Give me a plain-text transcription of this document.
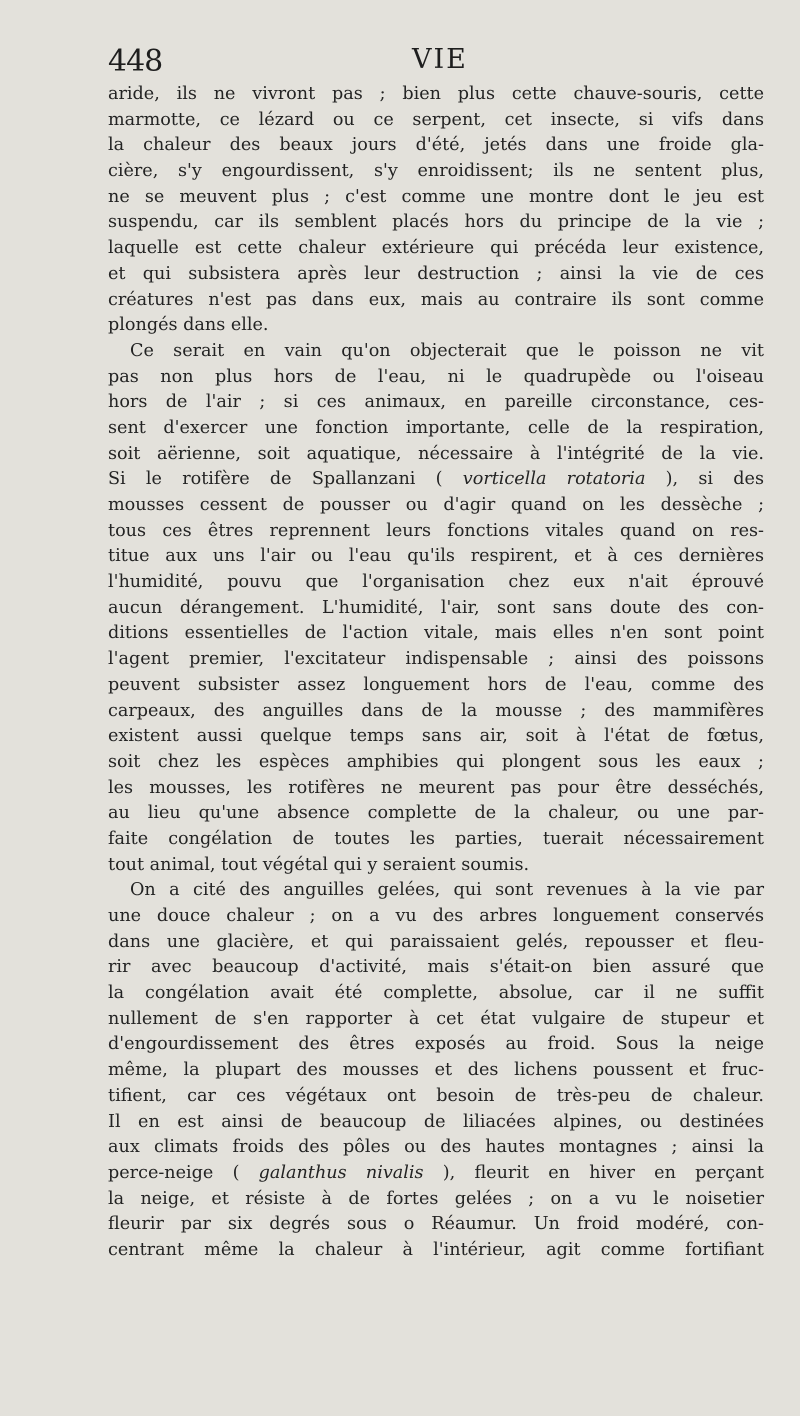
448	VIE
aride, ils ne vivront pas ; bien plus cette chauve-souris, cette
marmotte, ce lézard ou ce serpent, cet insecte, si vifs dans
la chaleur des beaux jours d'été, jetés dans une froide gla-
cière, s'y engourdissent, s'y enroidissent; ils ne sentent plus,
ne se meuvent plus ; c'est comme une montre dont le jeu est
suspendu, car ils semblent placés hors du principe de la vie ;
laquelle est cette chaleur extérieure qui précéda leur existence,
et qui subsistera après leur destruction ; ainsi la vie de ces
créatures n'est pas dans eux, mais au contraire ils sont comme
plongés dans elle.
Ce serait en vain qu'on objecterait que le poisson ne vit
pas non plus hors de l'eau, ni le quadrupède ou l'oiseau
hors de l'air ; si ces animaux, en pareille circonstance, ces-
sent d'exercer une fonction importante, celle de la respiration,
soit aërienne, soit aquatique, nécessaire à l'intégrité de la vie.
Si le rotifère de Spallanzani ( vorticella rotatoria ), si des
mousses cessent de pousser ou d'agir quand on les dessèche ;
tous ces êtres reprennent leurs fonctions vitales quand on res-
titue aux uns l'air ou l'eau qu'ils respirent, et à ces dernières
l'humidité, pouvu que l'organisation chez eux n'ait éprouvé
aucun dérangement. L'humidité, l'air, sont sans doute des con-
ditions essentielles de l'action vitale, mais elles n'en sont point
l'agent premier, l'excitateur indispensable ; ainsi des poissons
peuvent subsister assez longuement hors de l'eau, comme des
carpeaux, des anguilles dans de la mousse ; des mammifères
existent aussi quelque temps sans air, soit à l'état de fœtus,
soit chez les espèces amphibies qui plongent sous les eaux ;
les mousses, les rotifères ne meurent pas pour être desséchés,
au lieu qu'une absence complette de la chaleur, ou une par-
faite congélation de toutes les parties, tuerait nécessairement
tout animal, tout végétal qui y seraient soumis.
On a cité des anguilles gelées, qui sont revenues à la vie par
une douce chaleur ; on a vu des arbres longuement conservés
dans une glacière, et qui paraissaient gelés, repousser et fleu-
rir avec beaucoup d'activité, mais s'était-on bien assuré que
la congélation avait été complette, absolue, car il ne suffit
nullement de s'en rapporter à cet état vulgaire de stupeur et
d'engourdissement des êtres exposés au froid. Sous la neige
même, la plupart des mousses et des lichens poussent et fruc-
tifient, car ces végétaux ont besoin de très-peu de chaleur.
Il en est ainsi de beaucoup de liliacées alpines, ou destinées
aux climats froids des pôles ou des hautes montagnes ; ainsi la
perce-neige ( galanthus nivalis ), fleurit en hiver en perçant
la neige, et résiste à de fortes gelées ; on a vu le noisetier
fleurir par six degrés sous o Réaumur. Un froid modéré, con-
centrant même la chaleur à l'intérieur, agit comme fortifiant
